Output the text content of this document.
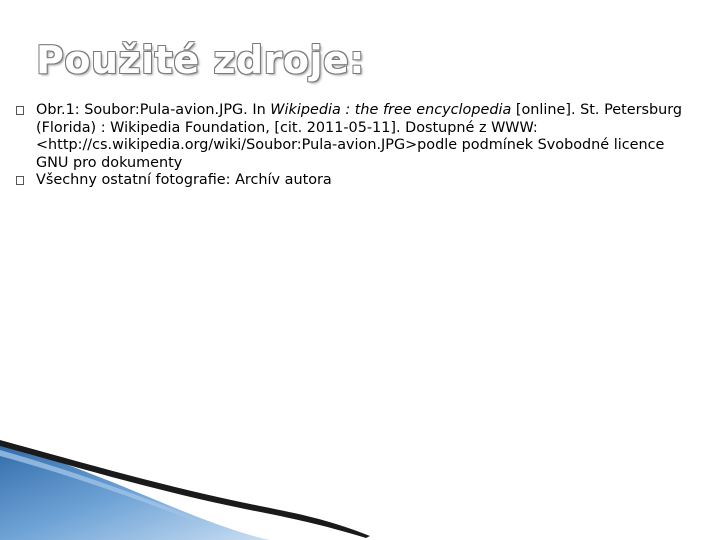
Použité zdroje:
Obr.1: Soubor:Pula-avion.JPG. In Wikipedia : the free encyclopedia [online]. St. Petersburg (Florida) : Wikipedia Foundation, [cit. 2011-05-11]. Dostupné z WWW: <http://cs.wikipedia.org/wiki/Soubor:Pula-avion.JPG>podle podmínek Svobodné licence GNU pro dokumenty
Všechny ostatní fotografie: Archív autora
